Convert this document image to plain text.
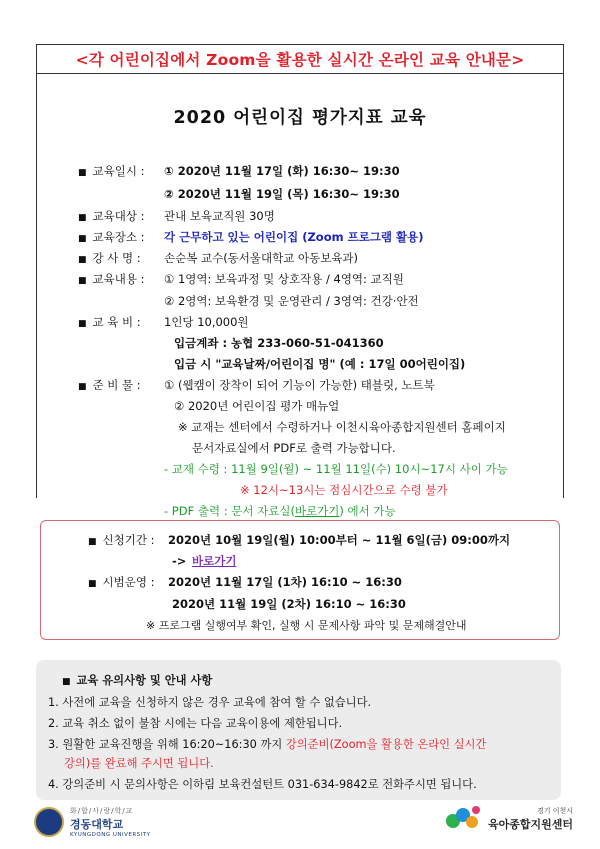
<각 어린이집에서 Zoom을 활용한 실시간 온라인 교육 안내문>
2020 어린이집 평가지표 교육
■ 교육일시 :	① 2020년 11월 17일 (화) 16:30~ 19:30
② 2020년 11월 19일 (목) 16:30~ 19:30
■ 교육대상 :	관내 보육교직원 30명
■ 교육장소 :	각 근무하고 있는 어린이집 (Zoom 프로그램 활용)
■ 강 사 명 :	손순복 교수(동서울대학교 아동보육과)
■ 교육내용 :	① 1영역: 보육과정 및 상호작용 / 4영역: 교직원
② 2영역: 보육환경 및 운영관리 / 3영역: 건강·안전
■ 교 육 비 :	1인당 10,000원
입금계좌 : 농협 233-060-51-041360
입금 시 "교육날짜/어린이집 명" (예 : 17일 00어린이집)
■ 준 비 물 :	① (웹캠이 장착이 되어 기능이 가능한) 태블릿, 노트북
② 2020년 어린이집 평가 매뉴얼
※ 교재는 센터에서 수령하거나 이천시육아종합지원센터 홈페이지
문서자료실에서 PDF로 출력 가능합니다.
- 교재 수령 : 11월 9일(월) ~ 11월 11일(수) 10시~17시 사이 가능
※ 12시~13시는 점심시간으로 수령 불가
- PDF 출력 : 문서 자료실(바로가기) 에서 가능
■ 신청기간 : 2020년 10월 19일(월) 10:00부터 ~ 11월 6일(금) 09:00까지
-> 바로가기
■ 시범운영 : 2020년 11월 17일 (1차) 16:10 ~ 16:30
2020년 11월 19일 (2차) 16:10 ~ 16:30
※ 프로그램 실행여부 확인, 실행 시 문제사항 파악 및 문제해결안내
■ 교육 유의사항 및 안내 사항
1. 사전에 교육을 신청하지 않은 경우 교육에 참여 할 수 없습니다.
2. 교육 취소 없이 불참 시에는 다음 교육이용에 제한됩니다.
3. 원활한 교육진행을 위해 16:20~16:30 까지 강의준비(Zoom을 활용한 온라인 실시간
강의)를 완료해 주시면 됩니다.
4. 강의준비 시 문의사항은 이하림 보육컨설턴트 031-634-9842로 전화주시면 됩니다.
화/합/사/랑/학/교
경동대학교
KYUNGDONG UNIVERSITY
경기 이천시
육아종합지원센터
